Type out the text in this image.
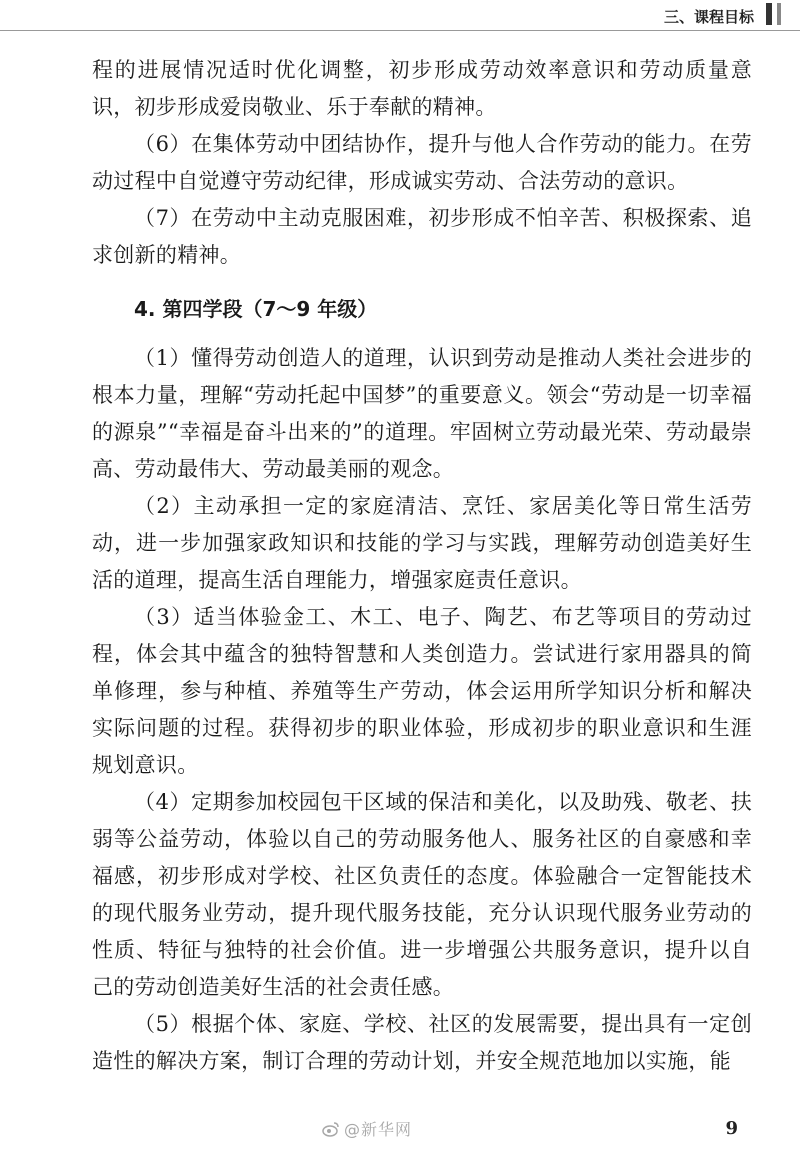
三、课程目标

程的进展情况适时优化调整，初步形成劳动效率意识和劳动质量意识，初步形成爱岗敬业、乐于奉献的精神。

（6）在集体劳动中团结协作，提升与他人合作劳动的能力。在劳动过程中自觉遵守劳动纪律，形成诚实劳动、合法劳动的意识。

（7）在劳动中主动克服困难，初步形成不怕辛苦、积极探索、追求创新的精神。

4. 第四学段（7～9 年级）

（1）懂得劳动创造人的道理，认识到劳动是推动人类社会进步的根本力量，理解“劳动托起中国梦”的重要意义。领会“劳动是一切幸福的源泉”“幸福是奋斗出来的”的道理。牢固树立劳动最光荣、劳动最崇高、劳动最伟大、劳动最美丽的观念。

（2）主动承担一定的家庭清洁、烹饪、家居美化等日常生活劳动，进一步加强家政知识和技能的学习与实践，理解劳动创造美好生活的道理，提高生活自理能力，增强家庭责任意识。

（3）适当体验金工、木工、电子、陶艺、布艺等项目的劳动过程，体会其中蕴含的独特智慧和人类创造力。尝试进行家用器具的简单修理，参与种植、养殖等生产劳动，体会运用所学知识分析和解决实际问题的过程。获得初步的职业体验，形成初步的职业意识和生涯规划意识。

（4）定期参加校园包干区域的保洁和美化，以及助残、敬老、扶弱等公益劳动，体验以自己的劳动服务他人、服务社区的自豪感和幸福感，初步形成对学校、社区负责任的态度。体验融合一定智能技术的现代服务业劳动，提升现代服务技能，充分认识现代服务业劳动的性质、特征与独特的社会价值。进一步增强公共服务意识，提升以自己的劳动创造美好生活的社会责任感。

（5）根据个体、家庭、学校、社区的发展需要，提出具有一定创造性的解决方案，制订合理的劳动计划，并安全规范地加以实施，能

@新华网	9
